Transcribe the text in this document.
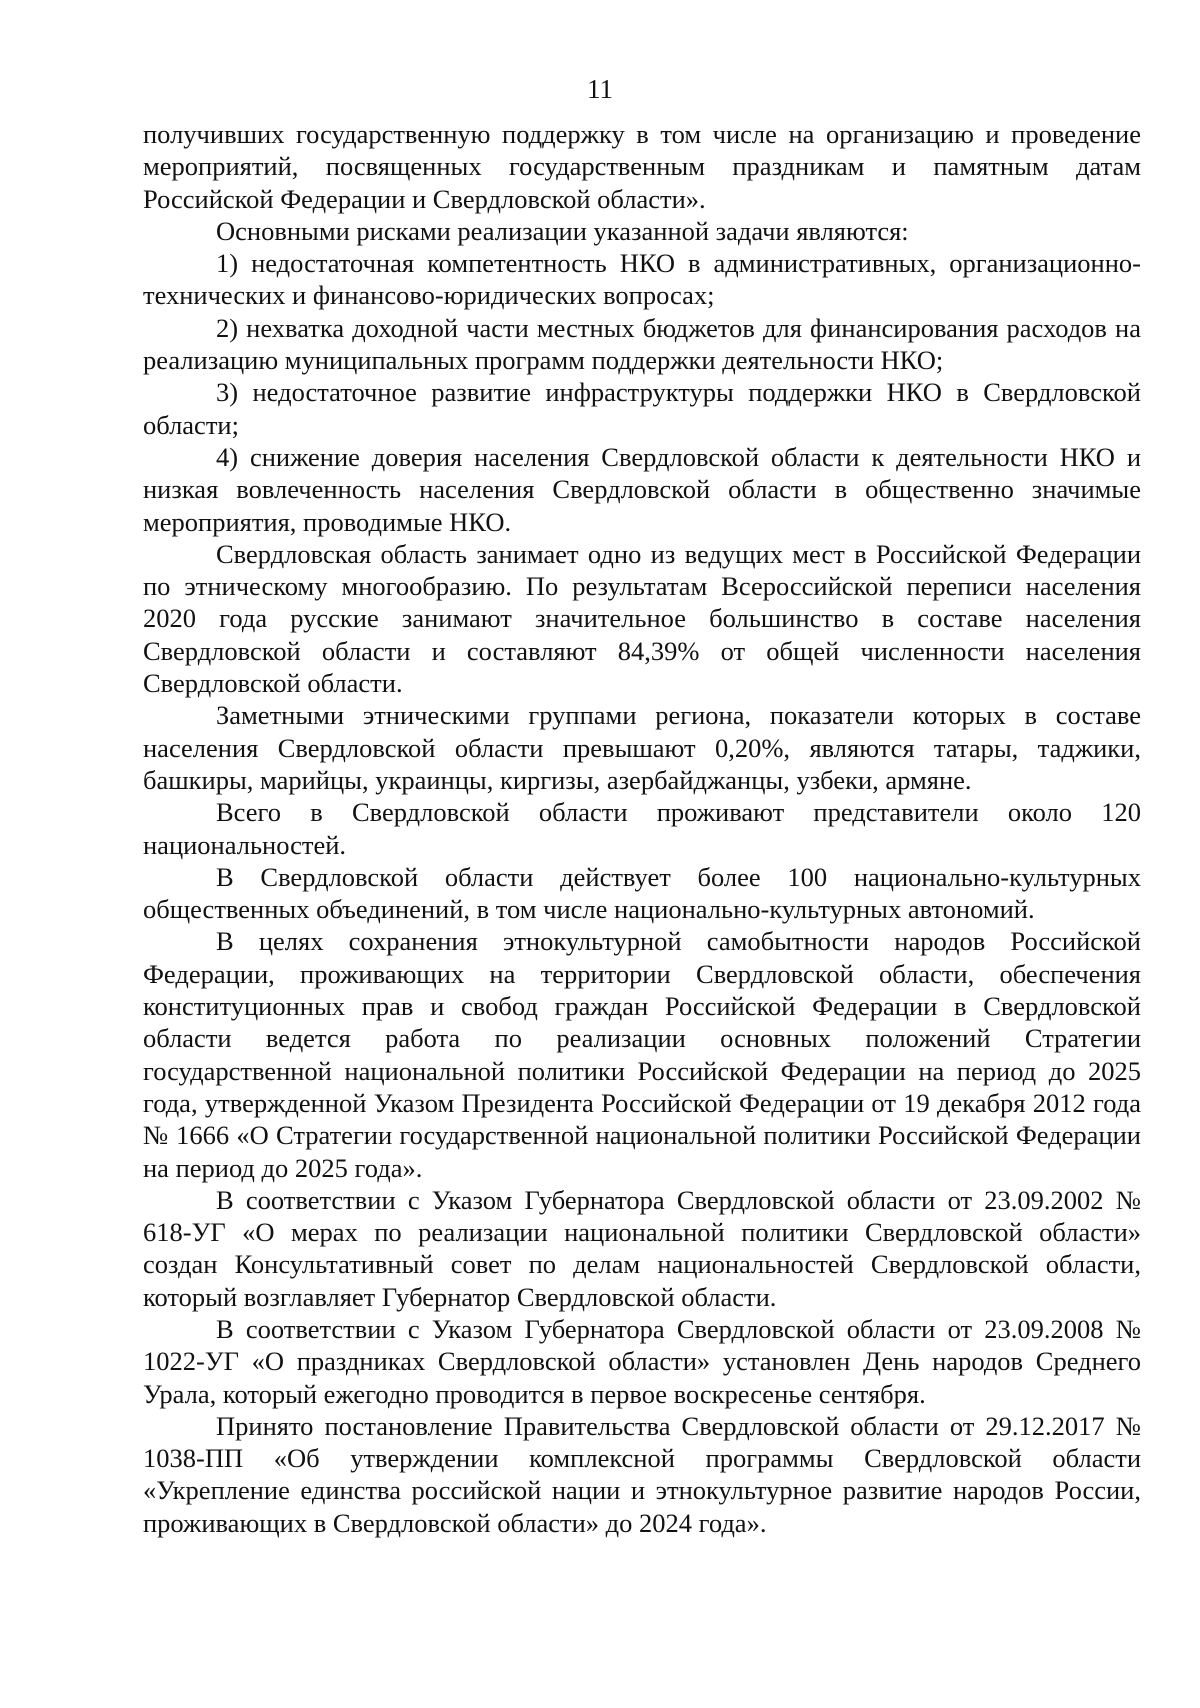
11

получивших государственную поддержку в том числе на организацию и проведение мероприятий, посвященных государственным праздникам и памятным датам Российской Федерации и Свердловской области».

Основными рисками реализации указанной задачи являются:

1) недостаточная компетентность НКО в административных, организационно-технических и финансово-юридических вопросах;

2) нехватка доходной части местных бюджетов для финансирования расходов на реализацию муниципальных программ поддержки деятельности НКО;

3) недостаточное развитие инфраструктуры поддержки НКО в Свердловской области;

4) снижение доверия населения Свердловской области к деятельности НКО и низкая вовлеченность населения Свердловской области в общественно значимые мероприятия, проводимые НКО.

Свердловская область занимает одно из ведущих мест в Российской Федерации по этническому многообразию. По результатам Всероссийской переписи населения 2020 года русские занимают значительное большинство в составе населения Свердловской области и составляют 84,39% от общей численности населения Свердловской области.

Заметными этническими группами региона, показатели которых в составе населения Свердловской области превышают 0,20%, являются татары, таджики, башкиры, марийцы, украинцы, киргизы, азербайджанцы, узбеки, армяне.

Всего в Свердловской области проживают представители около 120 национальностей.

В Свердловской области действует более 100 национально-культурных общественных объединений, в том числе национально-культурных автономий.

В целях сохранения этнокультурной самобытности народов Российской Федерации, проживающих на территории Свердловской области, обеспечения конституционных прав и свобод граждан Российской Федерации в Свердловской области ведется работа по реализации основных положений Стратегии государственной национальной политики Российской Федерации на период до 2025 года, утвержденной Указом Президента Российской Федерации от 19 декабря 2012 года № 1666 «О Стратегии государственной национальной политики Российской Федерации на период до 2025 года».

В соответствии с Указом Губернатора Свердловской области от 23.09.2002 № 618-УГ «О мерах по реализации национальной политики Свердловской области» создан Консультативный совет по делам национальностей Свердловской области, который возглавляет Губернатор Свердловской области.

В соответствии с Указом Губернатора Свердловской области от 23.09.2008 № 1022-УГ «О праздниках Свердловской области» установлен День народов Среднего Урала, который ежегодно проводится в первое воскресенье сентября.

Принято постановление Правительства Свердловской области от 29.12.2017 № 1038-ПП «Об утверждении комплексной программы Свердловской области «Укрепление единства российской нации и этнокультурное развитие народов России, проживающих в Свердловской области» до 2024 года».
